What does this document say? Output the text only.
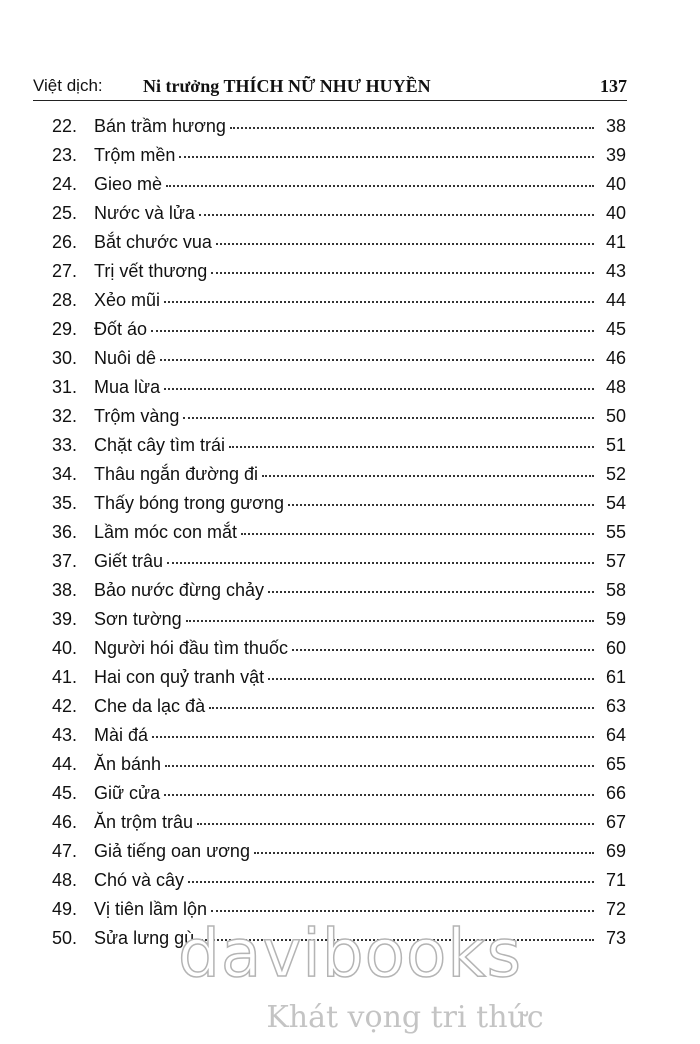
Việt dịch: Ni trưởng THÍCH NỮ NHƯ HUYỀN	137
22. Bán trầm hương	38
23. Trộm mền	39
24. Gieo mè	40
25. Nước và lửa	40
26. Bắt chước vua	41
27. Trị vết thương	43
28. Xẻo mũi	44
29. Đốt áo	45
30. Nuôi dê	46
31. Mua lừa	48
32. Trộm vàng	50
33. Chặt cây tìm trái	51
34. Thâu ngắn đường đi	52
35. Thấy bóng trong gương	54
36. Lầm móc con mắt	55
37. Giết trâu	57
38. Bảo nước đừng chảy	58
39. Sơn tường	59
40. Người hói đầu tìm thuốc	60
41. Hai con quỷ tranh vật	61
42. Che da lạc đà	63
43. Mài đá	64
44. Ăn bánh	65
45. Giữ cửa	66
46. Ăn trộm trâu	67
47. Giả tiếng oan ương	69
48. Chó và cây	71
49. Vị tiên lầm lộn	72
50. Sửa lưng gù	73
davibooks
Khát vọng tri thức
